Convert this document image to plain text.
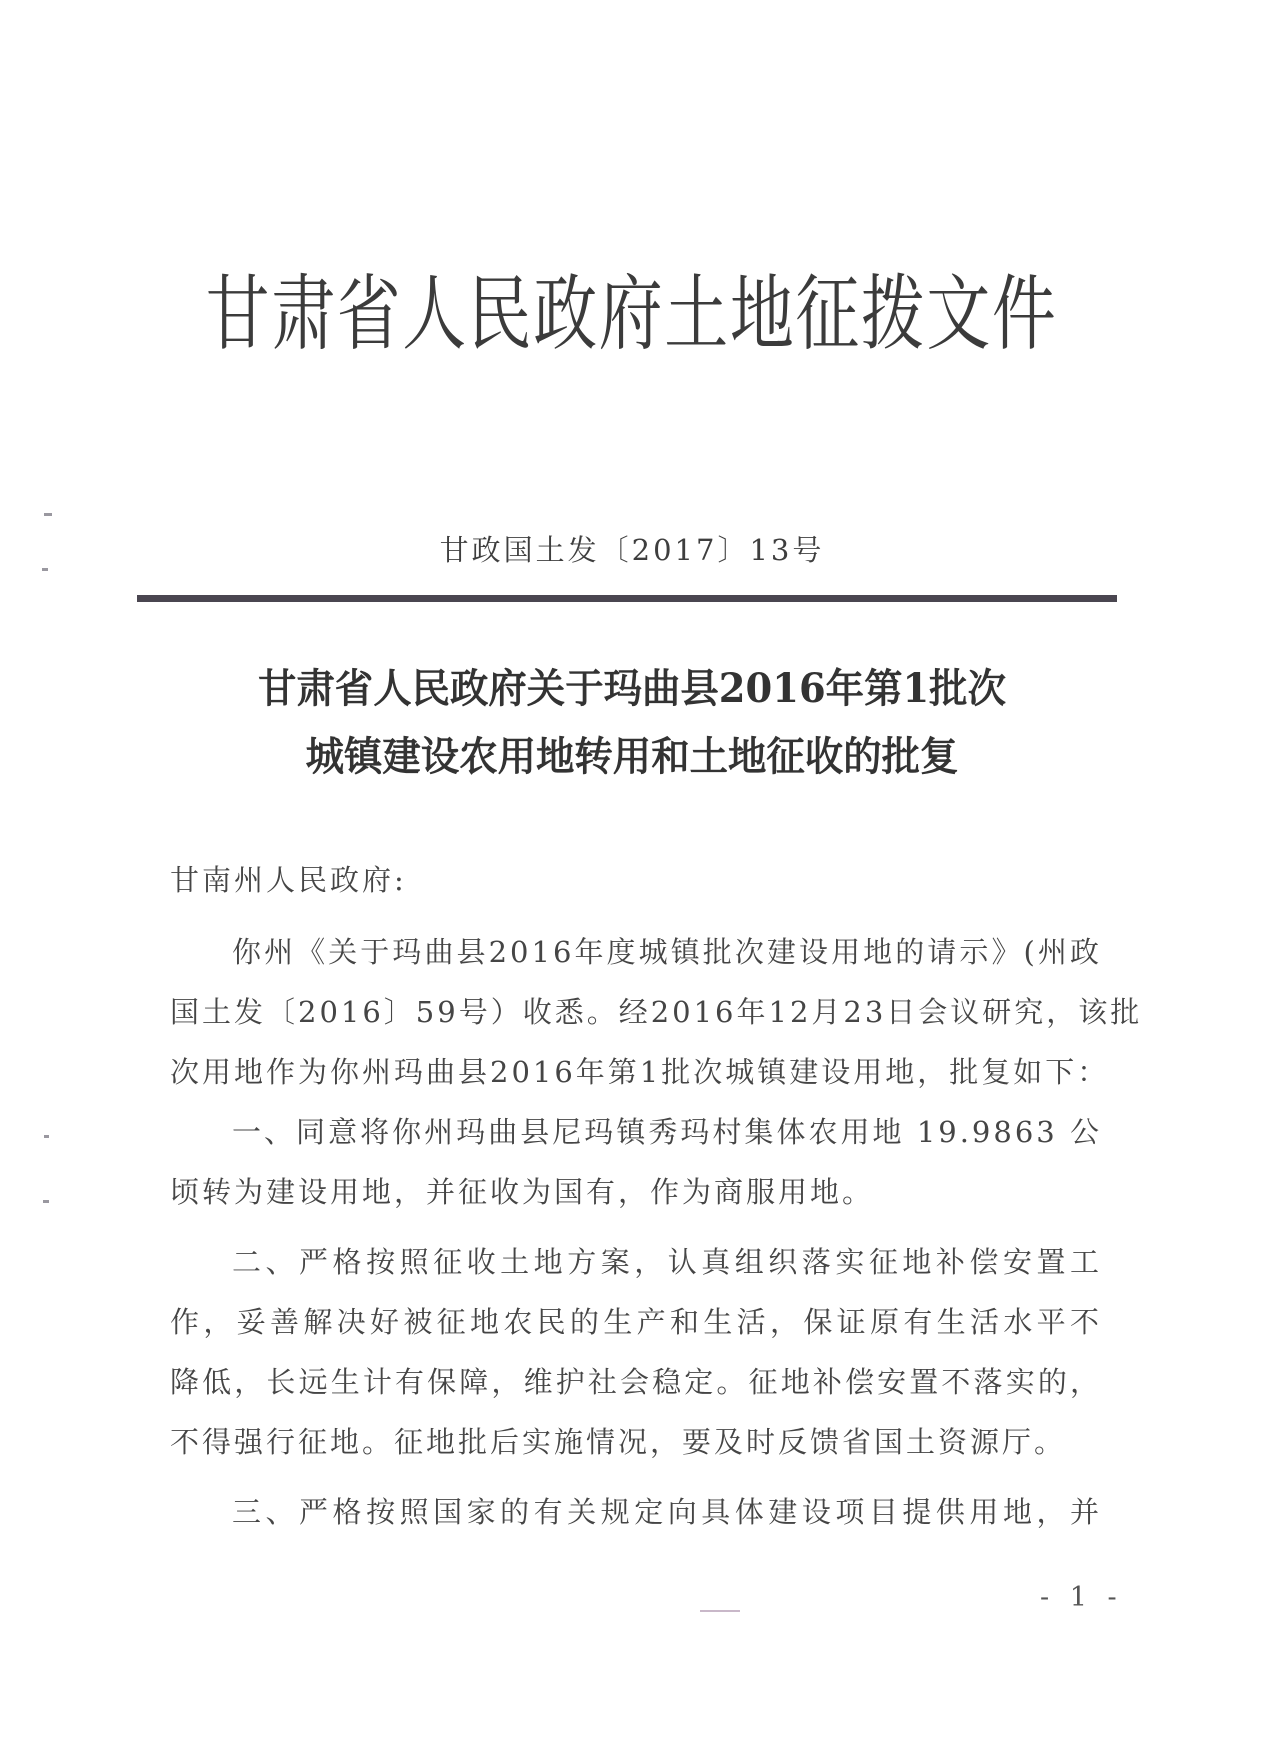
甘肃省人民政府土地征拨文件
甘政国土发〔2017〕13号
甘肃省人民政府关于玛曲县2016年第1批次
城镇建设农用地转用和土地征收的批复
甘南州人民政府:
你州《关于玛曲县2016年度城镇批次建设用地的请示》(州政
国土发〔2016〕59号）收悉。经2016年12月23日会议研究，该批
次用地作为你州玛曲县2016年第1批次城镇建设用地，批复如下：
一、同意将你州玛曲县尼玛镇秀玛村集体农用地 19.9863 公
顷转为建设用地，并征收为国有，作为商服用地。
二、严格按照征收土地方案，认真组织落实征地补偿安置工
作，妥善解决好被征地农民的生产和生活，保证原有生活水平不
降低，长远生计有保障，维护社会稳定。征地补偿安置不落实的，
不得强行征地。征地批后实施情况，要及时反馈省国土资源厅。
三、严格按照国家的有关规定向具体建设项目提供用地，并
- 1 -
